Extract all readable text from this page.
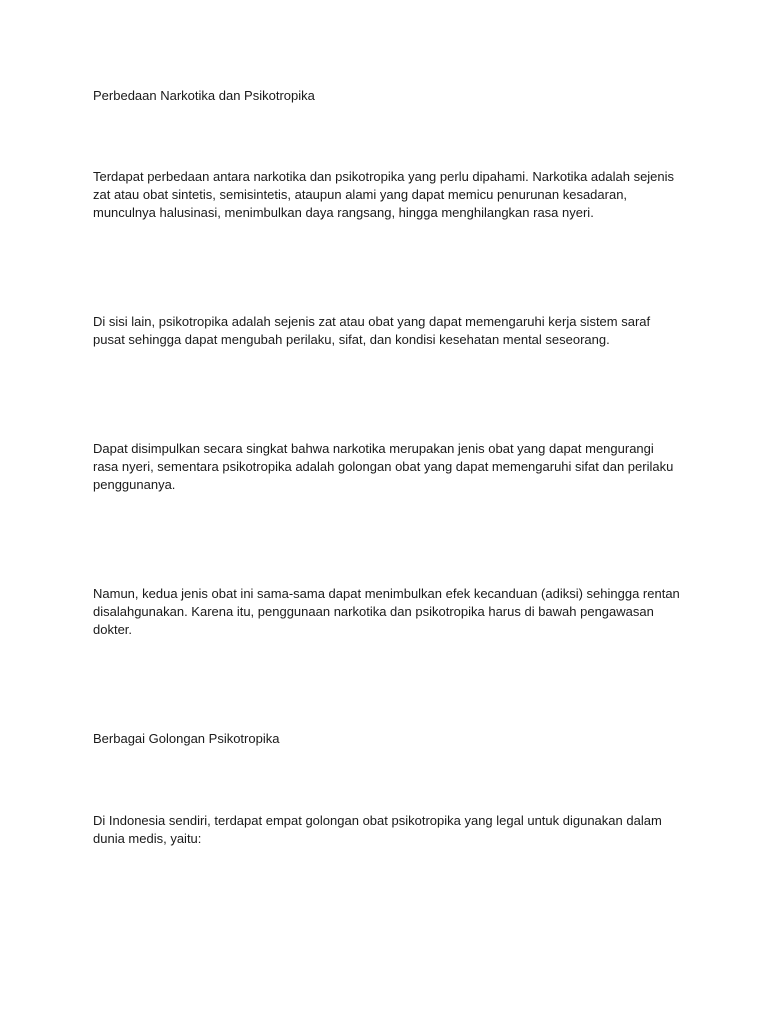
Perbedaan Narkotika dan Psikotropika
Terdapat perbedaan antara narkotika dan psikotropika yang perlu dipahami. Narkotika adalah sejenis
zat atau obat sintetis, semisintetis, ataupun alami yang dapat memicu penurunan kesadaran,
munculnya halusinasi, menimbulkan daya rangsang, hingga menghilangkan rasa nyeri.
Di sisi lain, psikotropika adalah sejenis zat atau obat yang dapat memengaruhi kerja sistem saraf
pusat sehingga dapat mengubah perilaku, sifat, dan kondisi kesehatan mental seseorang.
Dapat disimpulkan secara singkat bahwa narkotika merupakan jenis obat yang dapat mengurangi
rasa nyeri, sementara psikotropika adalah golongan obat yang dapat memengaruhi sifat dan perilaku
penggunanya.
Namun, kedua jenis obat ini sama-sama dapat menimbulkan efek kecanduan (adiksi) sehingga rentan
disalahgunakan. Karena itu, penggunaan narkotika dan psikotropika harus di bawah pengawasan
dokter.
Berbagai Golongan Psikotropika
Di Indonesia sendiri, terdapat empat golongan obat psikotropika yang legal untuk digunakan dalam
dunia medis, yaitu:
